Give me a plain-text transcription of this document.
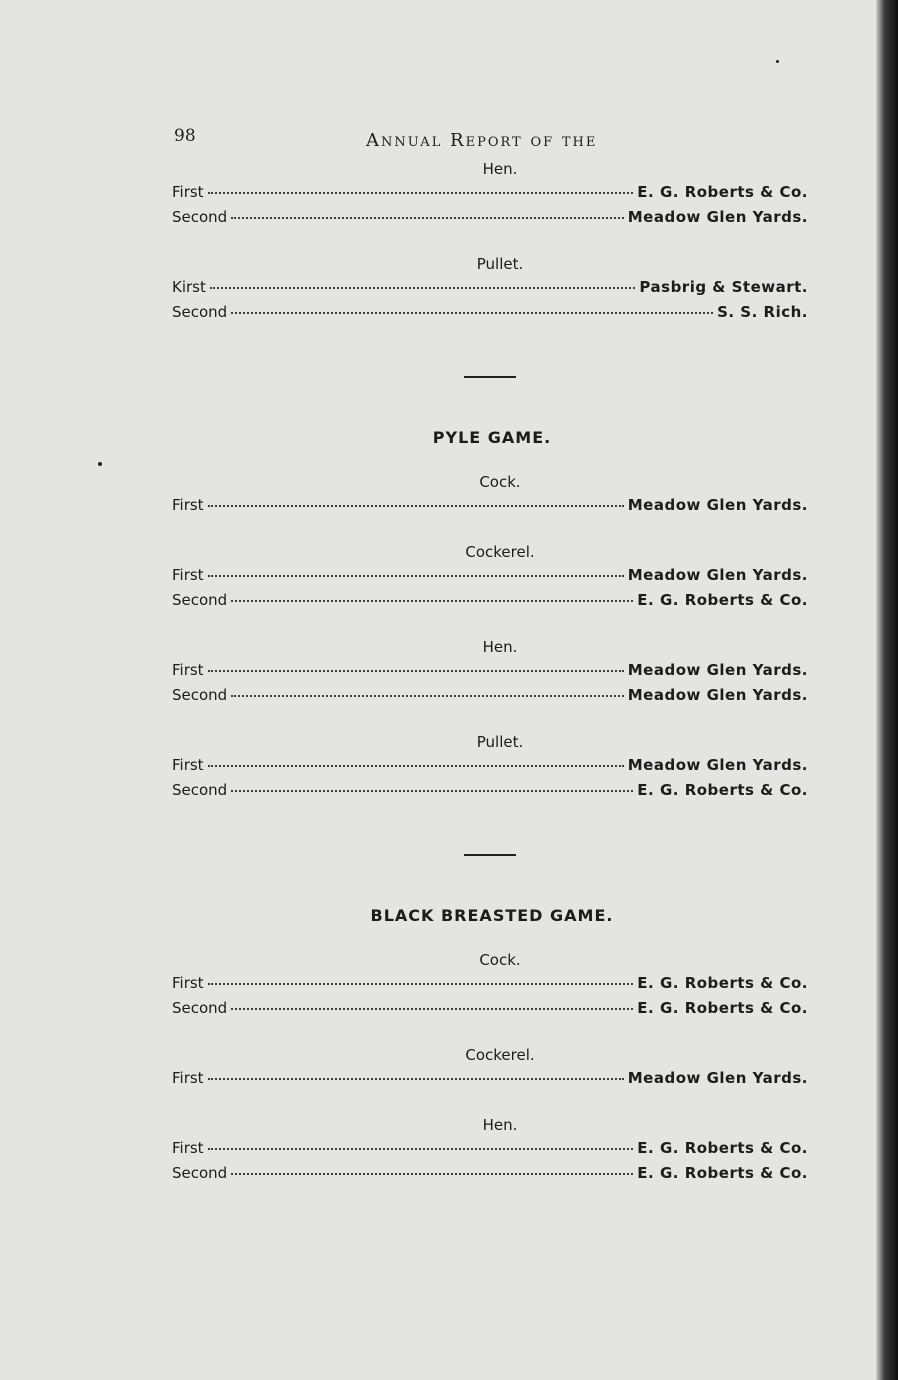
98	Annual Report of the
Hen.
First	E. G. Roberts & Co.
Second	Meadow Glen Yards.
Pullet.
Kirst	Pasbrig & Stewart.
Second	S. S. Rich.
PYLE GAME.
Cock.
First	Meadow Glen Yards.
Cockerel.
First	Meadow Glen Yards.
Second	E. G. Roberts & Co.
Hen.
First	Meadow Glen Yards.
Second	Meadow Glen Yards.
Pullet.
First	Meadow Glen Yards.
Second	E. G. Roberts & Co.
BLACK BREASTED GAME.
Cock.
First	E. G. Roberts & Co.
Second	E. G. Roberts & Co.
Cockerel.
First	Meadow Glen Yards.
Hen.
First	E. G. Roberts & Co.
Second	E. G. Roberts & Co.
